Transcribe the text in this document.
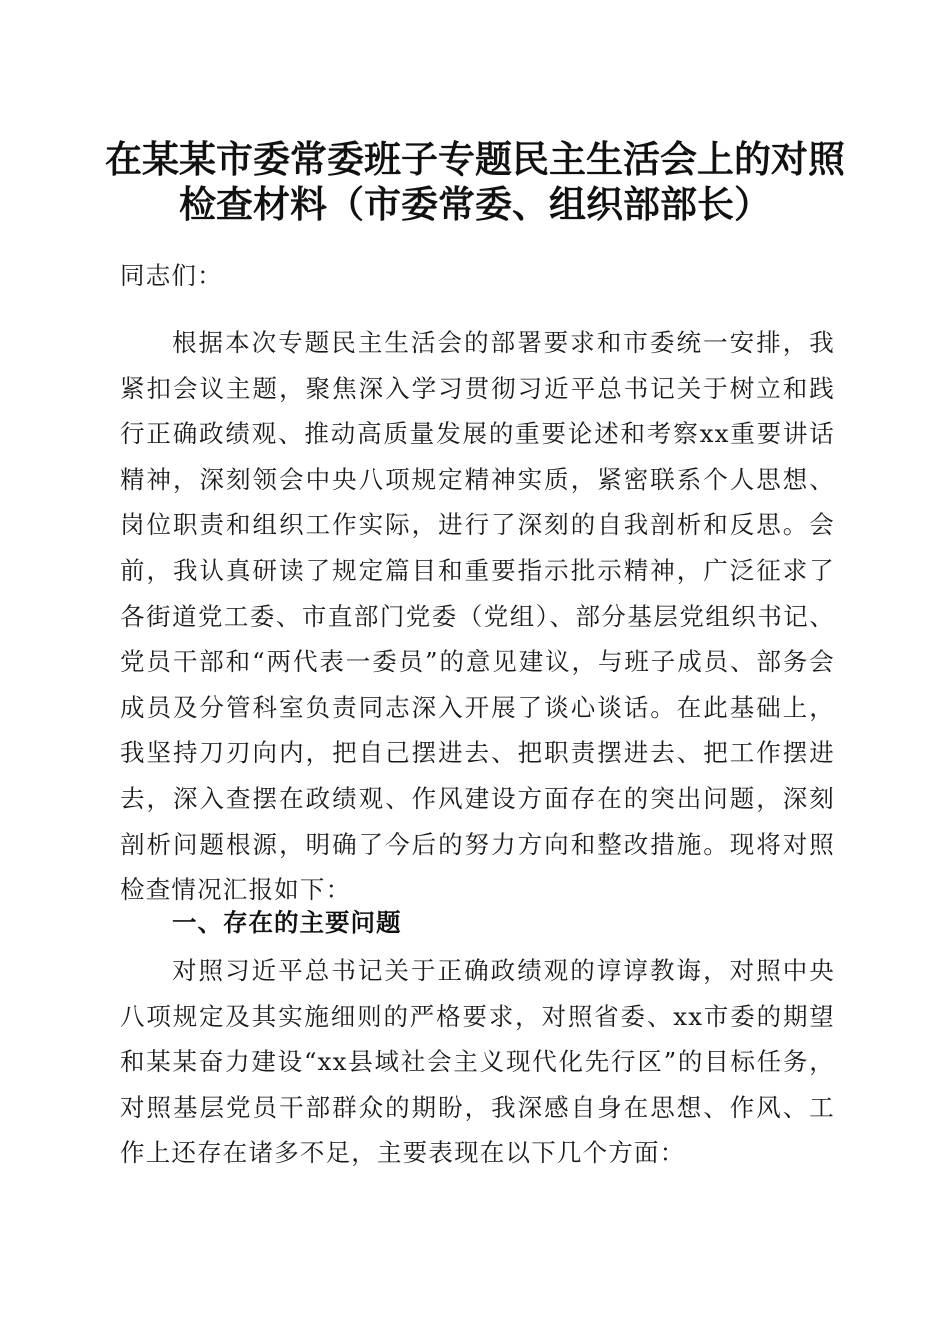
在某某市委常委班子专题民主生活会上的对照
检查材料（市委常委、组织部部长）

同志们：

根据本次专题民主生活会的部署要求和市委统一安排，我紧扣会议主题，聚焦深入学习贯彻习近平总书记关于树立和践行正确政绩观、推动高质量发展的重要论述和考察xx重要讲话精神，深刻领会中央八项规定精神实质，紧密联系个人思想、岗位职责和组织工作实际，进行了深刻的自我剖析和反思。会前，我认真研读了规定篇目和重要指示批示精神，广泛征求了各街道党工委、市直部门党委（党组）、部分基层党组织书记、党员干部和“两代表一委员”的意见建议，与班子成员、部务会成员及分管科室负责同志深入开展了谈心谈话。在此基础上，我坚持刀刃向内，把自己摆进去、把职责摆进去、把工作摆进去，深入查摆在政绩观、作风建设方面存在的突出问题，深刻剖析问题根源，明确了今后的努力方向和整改措施。现将对照检查情况汇报如下：

一、存在的主要问题

对照习近平总书记关于正确政绩观的谆谆教诲，对照中央八项规定及其实施细则的严格要求，对照省委、xx市委的期望和某某奋力建设“xx县域社会主义现代化先行区”的目标任务，对照基层党员干部群众的期盼，我深感自身在思想、作风、工作上还存在诸多不足，主要表现在以下几个方面：
